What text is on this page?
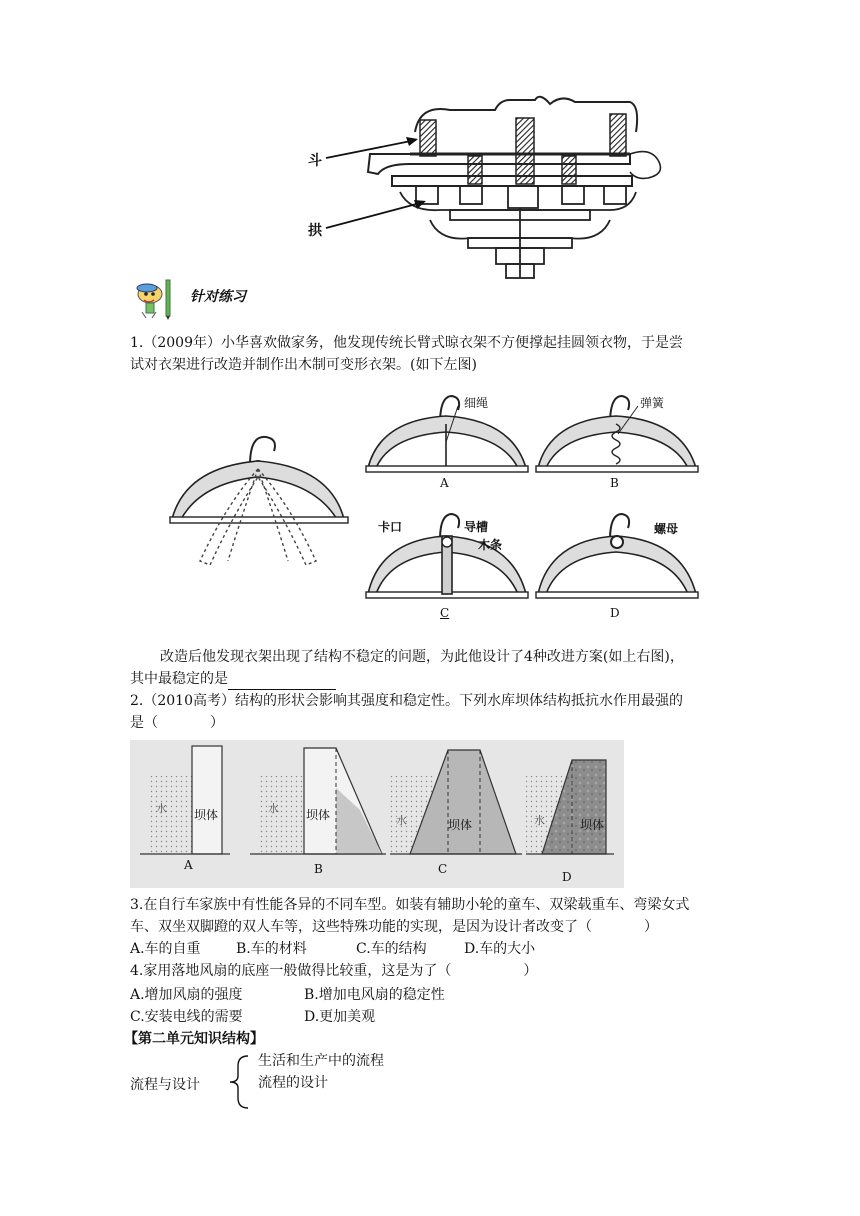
斗
拱
针对练习
1.（2009年）小华喜欢做家务，他发现传统长臂式晾衣架不方便撑起挂圆领衣物，于是尝
试对衣架进行改造并制作出木制可变形衣架。(如下左图)
细绳
A
弹簧
B
卡口	导槽
木条
C
螺母
D
改造后他发现衣架出现了结构不稳定的问题，为此他设计了4种改进方案(如上右图)，
其中最稳定的是
2.（2010高考）结构的形状会影响其强度和稳定性。下列水库坝体结构抵抗水作用最强的
是（	）
水 坝体
A
水 坝体
B
水	坝体
C
水	坝体
D
3.在自行车家族中有性能各异的不同车型。如装有辅助小轮的童车、双梁载重车、弯梁女式
车、双坐双脚蹬的双人车等，这些特殊功能的实现，是因为设计者改变了（	）
A.车的自重	B.车的材料	C.车的结构	D.车的大小
4.家用落地风扇的底座一般做得比较重，这是为了（	）
A.增加风扇的强度	B.增加电风扇的稳定性
C.安装电线的需要	D.更加美观
【第二单元知识结构】
流程与设计
生活和生产中的流程
流程的设计
